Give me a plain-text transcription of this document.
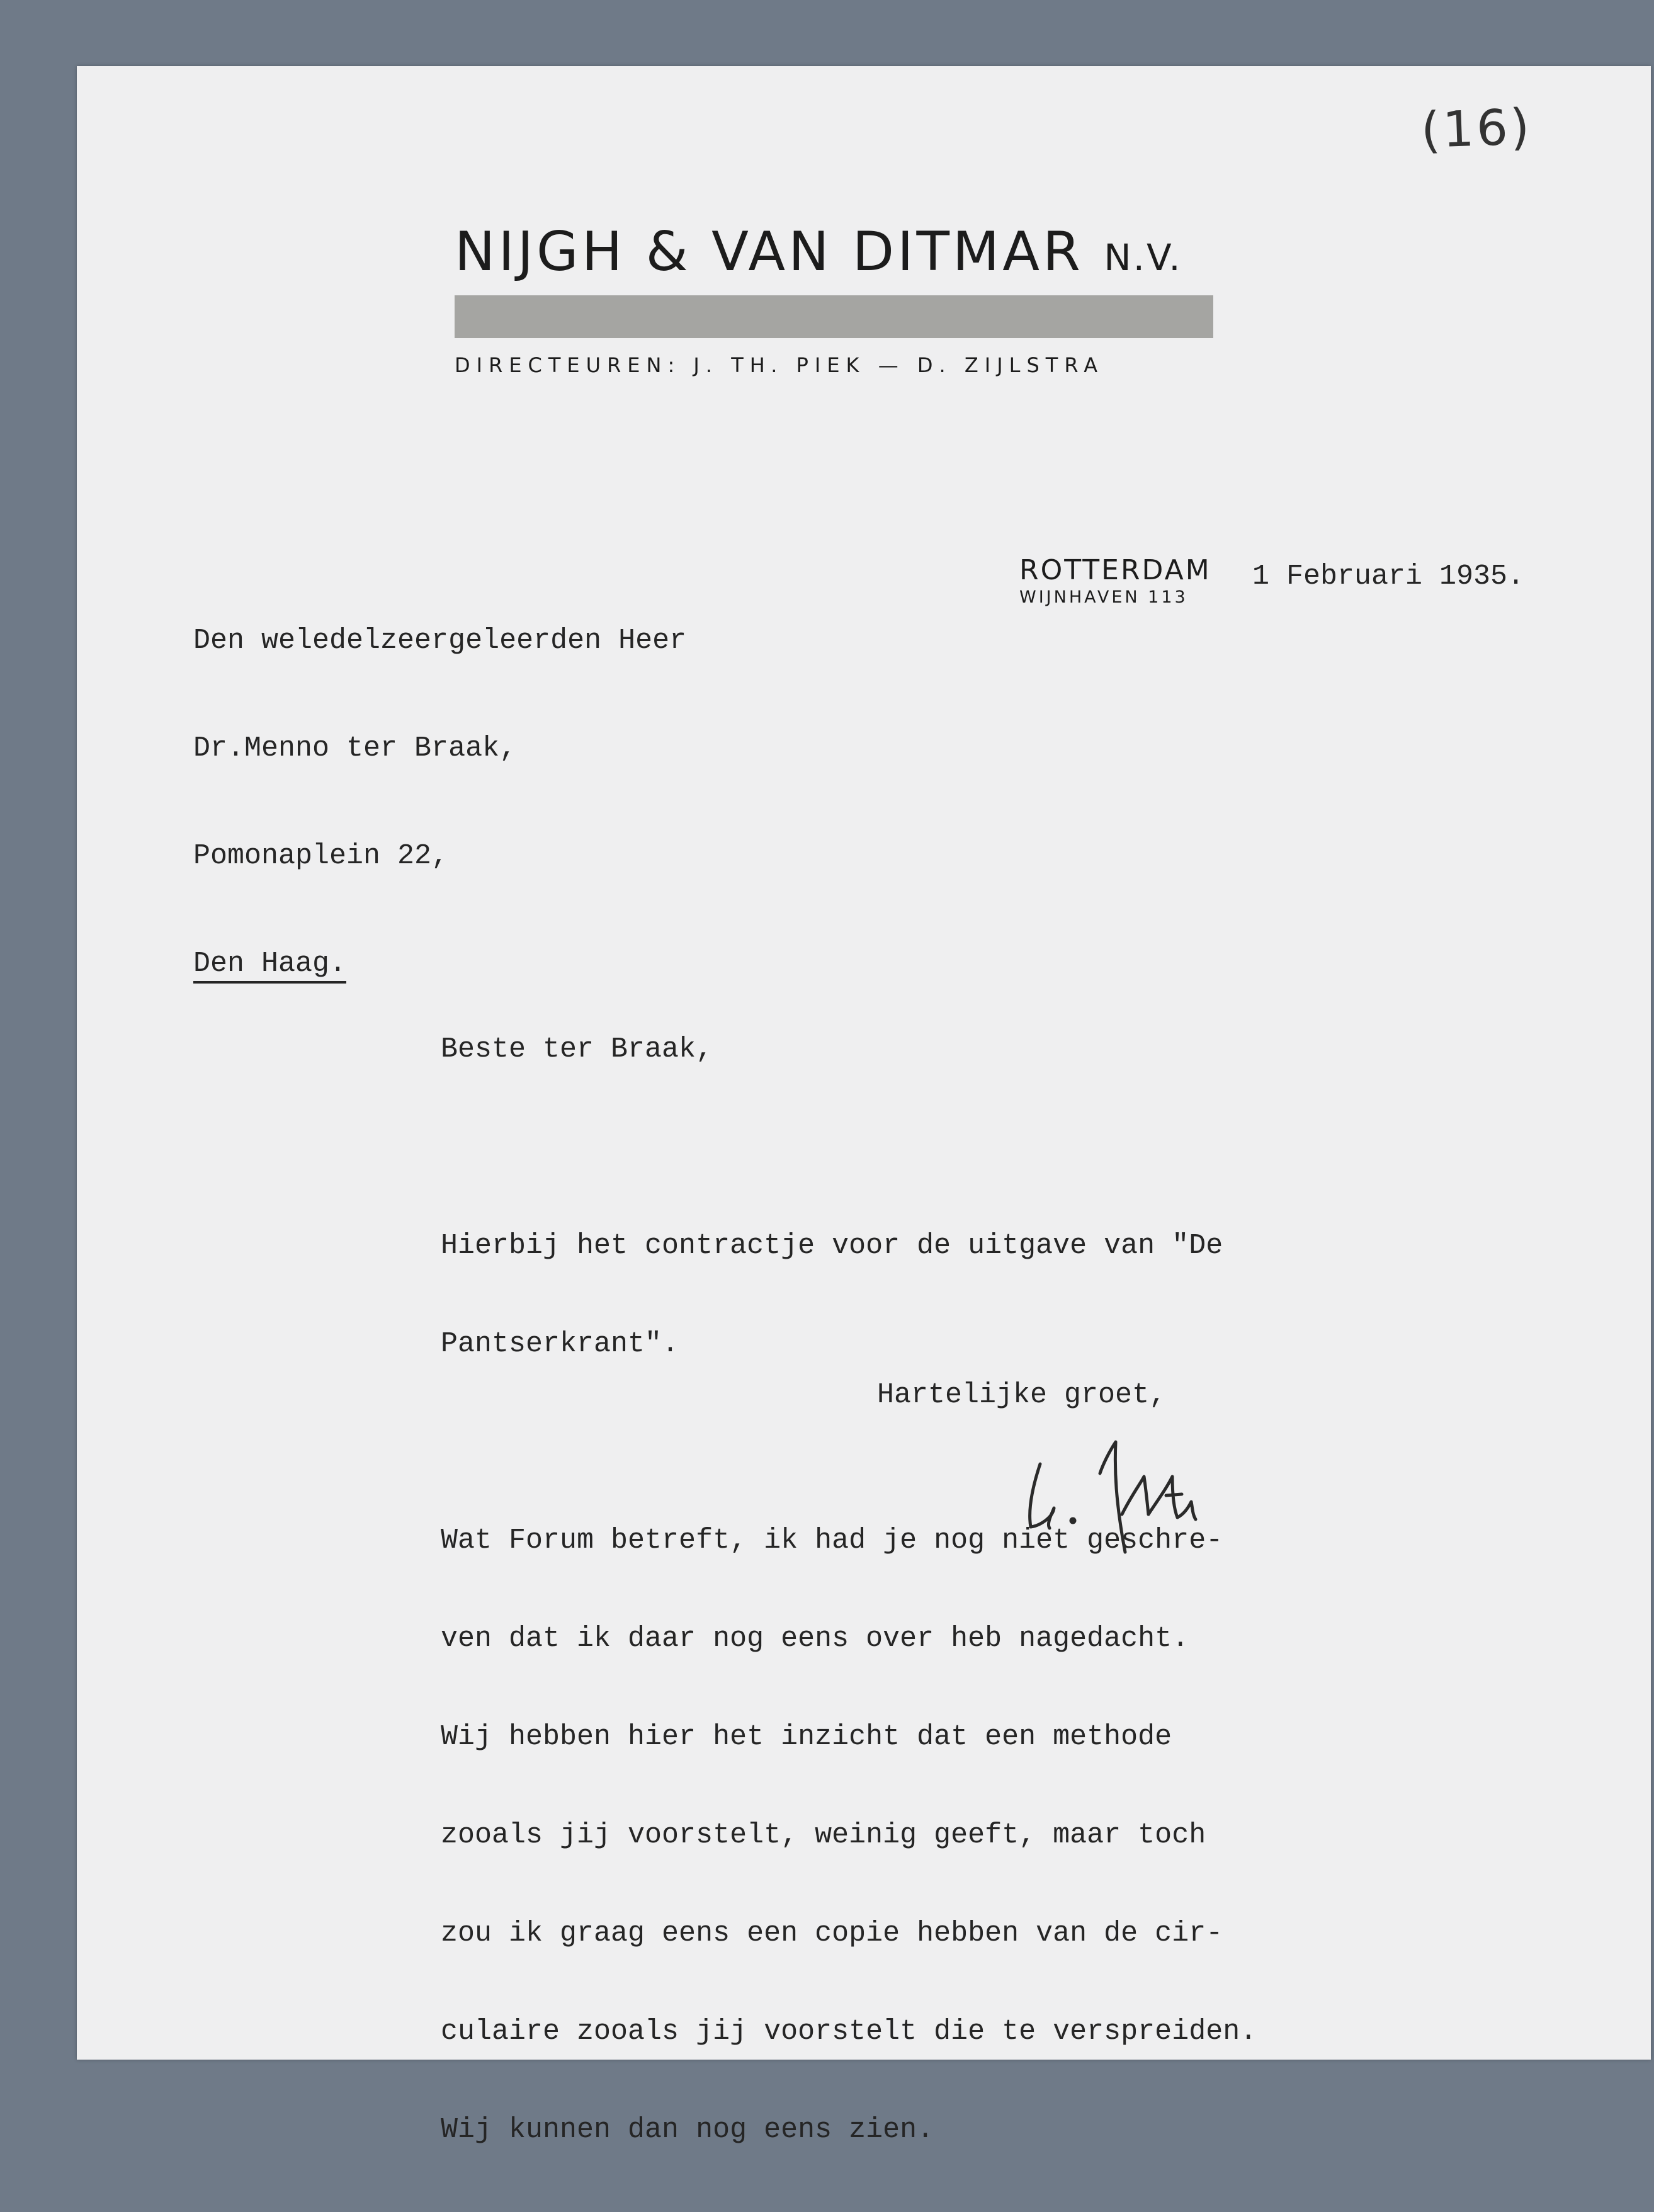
(16)
NIJGH & VAN DITMAR N.V.
DIRECTEUREN: J. TH. PIEK — D. ZIJLSTRA

Den weledelzeergeleerden Heer

Dr.Menno ter Braak,

Pomonaplein 22,

Den Haag.

ROTTERDAM
WIJNHAVEN 113
1 Februari 1935.

Beste ter Braak,

Hierbij het contractje voor de uitgave van "De

Pantserkrant".

Wat Forum betreft, ik had je nog niet geschre-

ven dat ik daar nog eens over heb nagedacht.

Wij hebben hier het inzicht dat een methode

zooals jij voorstelt, weinig geeft, maar toch

zou ik graag eens een copie hebben van de cir-

culaire zooals jij voorstelt die te verspreiden.

Wij kunnen dan nog eens zien.

Hartelijke groet,
